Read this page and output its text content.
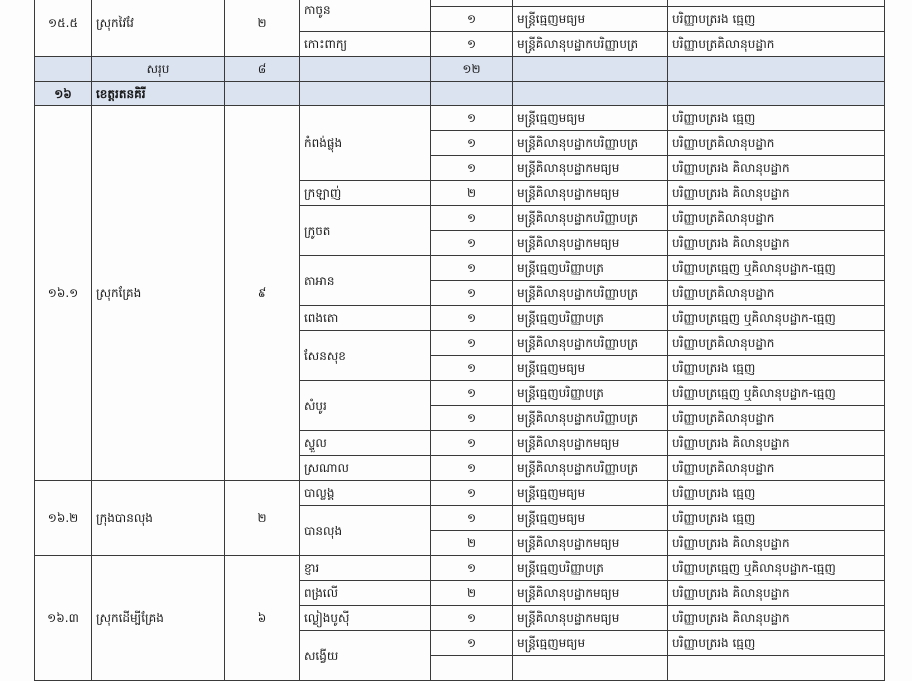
១៥.៥	ស្រុកវៃវែ	២	កាចូន			
				១	មន្ត្រីធ្មេញមធ្យម	បរិញ្ញាបត្ររង ធ្មេញ
			កោះពាក្យ	១	មន្ត្រីគិលានុបដ្ឋាកបរិញ្ញាបត្រ	បរិញ្ញាបត្រគិលានុបដ្ឋាក
	សរុប	៨		១២		
១៦	ខេត្តរតនគិរី					
១៦.១	ស្រុកគ្រែង	៩	កំពង់ផ្លុង	១	មន្ត្រីធ្មេញមធ្យម	បរិញ្ញាបត្ររង ធ្មេញ
				១	មន្ត្រីគិលានុបដ្ឋាកបរិញ្ញាបត្រ	បរិញ្ញាបត្រគិលានុបដ្ឋាក
				១	មន្ត្រីគិលានុបដ្ឋាកមធ្យម	បរិញ្ញាបត្ររង គិលានុបដ្ឋាក
			ក្រឡាញ់	២	មន្ត្រីគិលានុបដ្ឋាកមធ្យម	បរិញ្ញាបត្ររង គិលានុបដ្ឋាក
			ក្រូចត	១	មន្ត្រីគិលានុបដ្ឋាកបរិញ្ញាបត្រ	បរិញ្ញាបត្រគិលានុបដ្ឋាក
				១	មន្ត្រីគិលានុបដ្ឋាកមធ្យម	បរិញ្ញាបត្ររង គិលានុបដ្ឋាក
			តាអាន	១	មន្ត្រីធ្មេញបរិញ្ញាបត្រ	បរិញ្ញាបត្រធ្មេញ ឬគិលានុបដ្ឋាក-ធ្មេញ
				១	មន្ត្រីគិលានុបដ្ឋាកបរិញ្ញាបត្រ	បរិញ្ញាបត្រគិលានុបដ្ឋាក
			ពេងតោ	១	មន្ត្រីធ្មេញបរិញ្ញាបត្រ	បរិញ្ញាបត្រធ្មេញ ឬគិលានុបដ្ឋាក-ធ្មេញ
			សែនសុខ	១	មន្ត្រីគិលានុបដ្ឋាកបរិញ្ញាបត្រ	បរិញ្ញាបត្រគិលានុបដ្ឋាក
				១	មន្ត្រីធ្មេញមធ្យម	បរិញ្ញាបត្ររង ធ្មេញ
			សំបូរ	១	មន្ត្រីធ្មេញបរិញ្ញាបត្រ	បរិញ្ញាបត្រធ្មេញ ឬគិលានុបដ្ឋាក-ធ្មេញ
				១	មន្ត្រីគិលានុបដ្ឋាកបរិញ្ញាបត្រ	បរិញ្ញាបត្រគិលានុបដ្ឋាក
			ស្ទួល	១	មន្ត្រីគិលានុបដ្ឋាកមធ្យម	បរិញ្ញាបត្ររង គិលានុបដ្ឋាក
			ស្រណាល	១	មន្ត្រីគិលានុបដ្ឋាកបរិញ្ញាបត្រ	បរិញ្ញាបត្រគិលានុបដ្ឋាក
១៦.២	ក្រុងបានលុង	២	បាល្លង្គ	១	មន្ត្រីធ្មេញមធ្យម	បរិញ្ញាបត្ររង ធ្មេញ
			បានលុង	១	មន្ត្រីធ្មេញមធ្យម	បរិញ្ញាបត្ររង ធ្មេញ
				២	មន្ត្រីគិលានុបដ្ឋាកមធ្យម	បរិញ្ញាបត្ររង គិលានុបដ្ឋាក
១៦.៣	ស្រុកដើម្បីគ្រែង	៦	ខ្ញារ	១	មន្ត្រីធ្មេញបរិញ្ញាបត្រ	បរិញ្ញាបត្រធ្មេញ ឬគិលានុបដ្ឋាក-ធ្មេញ
			ពង្រលើ	២	មន្ត្រីគិលានុបដ្ឋាកមធ្យម	បរិញ្ញាបត្ររង គិលានុបដ្ឋាក
			ល្ងៀងបូស៊ី	១	មន្ត្រីគិលានុបដ្ឋាកមធ្យម	បរិញ្ញាបត្ររង គិលានុបដ្ឋាក
			សង្វើយ	១	មន្ត្រីធ្មេញមធ្យម	បរិញ្ញាបត្ររង ធ្មេញ
